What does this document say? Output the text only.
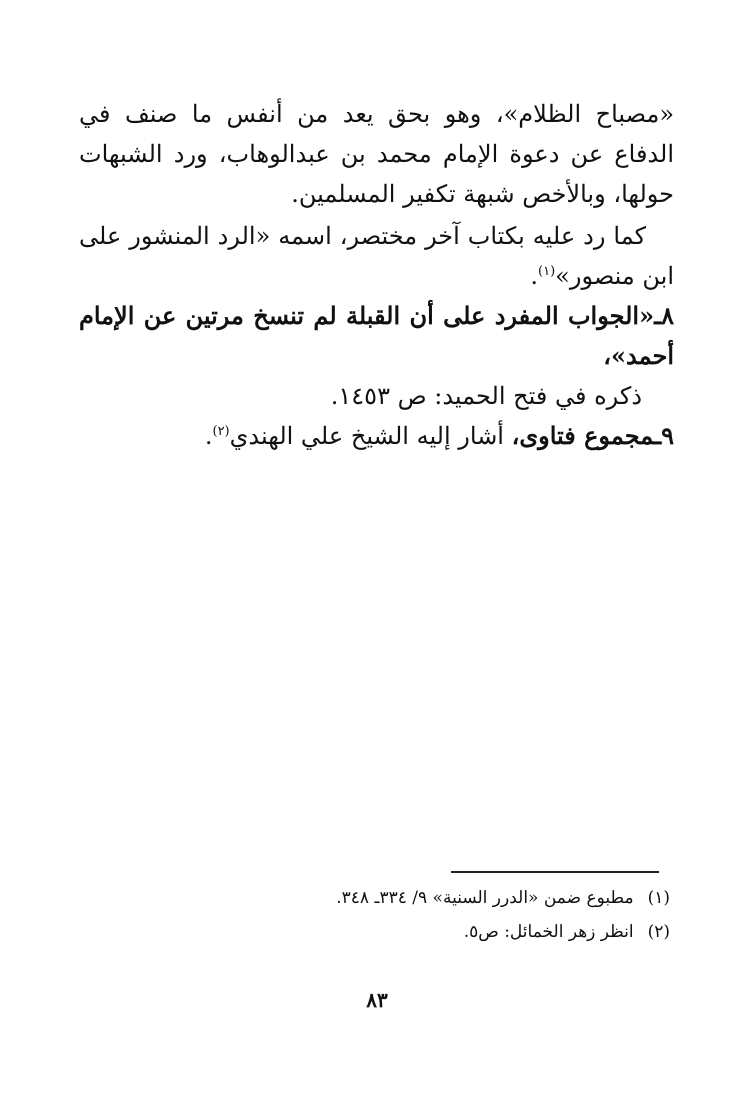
«مصباح الظلام»، وهو بحق يعد من أنفس ما صنف في الدفاع عن دعوة الإمام محمد بن عبدالوهاب، ورد الشبهات حولها، وبالأخص شبهة تكفير المسلمين.

كما رد عليه بكتاب آخر مختصر، اسمه «الرد المنشور على ابن منصور»$^{(١)}$.

٨ـ«الجواب المفرد على أن القبلة لم تنسخ مرتين عن الإمام أحمد»،
ذكره في فتح الحميد: ص ١٤٥٣.

٩ـمجموع فتاوى، أشار إليه الشيخ علي الهندي$^{(٢)}$.

(١)مطبوع ضمن «الدرر السنية» ٩/ ٣٣٤ـ ٣٤٨.

(٢)انظر زهر الخمائل: ص٥.

٨٣
